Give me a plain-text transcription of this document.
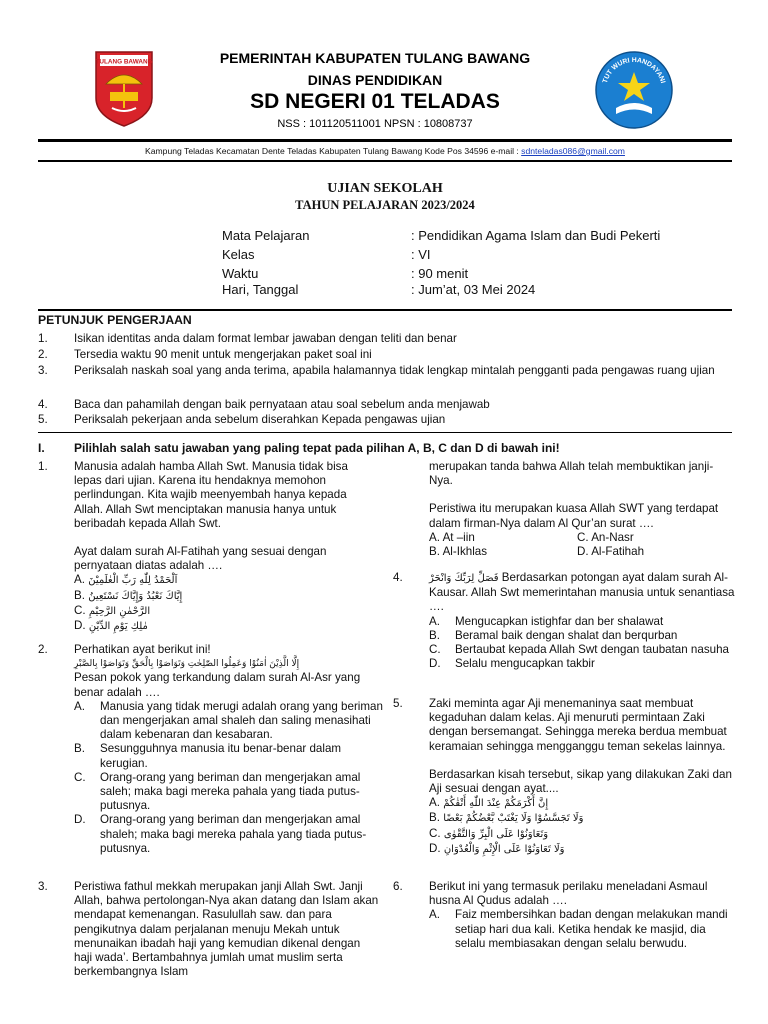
TULANG BAWANG
TUT WURI HANDAYANI
PEMERINTAH KABUPATEN TULANG BAWANG
DINAS PENDIDIKAN
SD NEGERI 01 TELADAS
NSS : 101120511001 NPSN : 10808737
Kampung Teladas Kecamatan Dente Teladas Kabupaten Tulang Bawang Kode Pos 34596 e-mail : sdnteladas086@gmail.com
UJIAN SEKOLAH
TAHUN PELAJARAN 2023/2024
Mata Pelajaran	: Pendidikan Agama Islam dan Budi Pekerti
Kelas	: VI
Waktu	: 90 menit
Hari, Tanggal	: Jum’at, 03 Mei 2024
PETUNJUK PENGERJAAN
1. Isikan identitas anda dalam format lembar jawaban dengan teliti dan benar
2. Tersedia waktu 90 menit untuk mengerjakan paket soal ini
3. Periksalah naskah soal yang anda terima, apabila halamannya tidak lengkap mintalah pengganti pada pengawas ruang ujian
4. Baca dan pahamilah dengan baik pernyataan atau soal sebelum anda menjawab
5. Periksalah pekerjaan anda sebelum diserahkan Kepada pengawas ujian
I. Pilihlah salah satu jawaban yang paling tepat pada pilihan A, B, C dan D di bawah ini!
1. Manusia adalah hamba Allah Swt. Manusia tidak bisa lepas dari ujian. Karena itu hendaknya memohon perlindungan. Kita wajib meenyembah hanya kepada Allah. Allah Swt menciptakan manusia hanya untuk beribadah kepada Allah Swt.

Ayat dalam surah Al-Fatihah yang sesuai dengan pernyataan diatas adalah ….

A. اَلْحَمْدُ لِلّٰهِ رَبِّ الْعٰلَمِيْنَ
B. إِيَّاكَ نَعْبُدُ وَإِيَّاكَ نَسْتَعِينُ
C. الرَّحْمٰنِ الرَّحِيْمِ
D. مٰلِكِ يَوْمِ الدِّيْنِ
2. Perhatikan ayat berikut ini!

إِلَّا الَّذِيْنَ اٰمَنُوْا وَعَمِلُوا الصّٰلِحٰتِ وَتَوَاصَوْا بِالْحَقِّ وَتَوَاصَوْا بِالصَّبْرِ

Pesan pokok yang terkandung dalam surah Al-Asr yang benar adalah ….

A. Manusia yang tidak merugi adalah orang yang beriman dan mengerjakan amal shaleh dan saling menasihati dalam kebenaran dan kesabaran.
B. Sesungguhnya manusia itu benar-benar dalam kerugian.
C. Orang-orang yang beriman dan mengerjakan amal saleh; maka bagi mereka pahala yang tiada putus-putusnya.
D. Orang-orang yang beriman dan mengerjakan amal shaleh; maka bagi mereka pahala yang tiada putus-putusnya.
3. Peristiwa fathul mekkah merupakan janji Allah Swt. Janji Allah, bahwa pertolongan-Nya akan datang dan Islam akan mendapat kemenangan. Rasulullah saw. dan para pengikutnya dalam perjalanan menuju Mekah untuk menunaikan ibadah haji yang kemudian dikenal dengan haji wada’. Bertambahnya jumlah umat muslim serta berkembangnya Islam

merupakan tanda bahwa Allah telah membuktikan janji-Nya.

Peristiwa itu merupakan kuasa Allah SWT yang terdapat dalam firman-Nya dalam Al Qur’an surat ….

A. At –iin	C. An-Nasr
B. Al-Ikhlas	D. Al-Fatihah
4.	فَصَلِّ لِرَبِّكَ وَانْحَرْ Berdasarkan potongan ayat dalam surah Al-Kausar. Allah Swt memerintahan manusia untuk senantiasa ….

A. Mengucapkan istighfar dan ber shalawat
B. Beramal baik dengan shalat dan berqurban
C. Bertaubat kepada Allah Swt dengan taubatan nasuha
D. Selalu mengucapkan takbir
5. Zaki meminta agar Aji menemaninya saat membuat kegaduhan dalam kelas. Aji menuruti permintaan Zaki dengan bersemangat. Sehingga mereka berdua membuat keramaian sehingga mengganggu teman sekelas lainnya.

Berdasarkan kisah tersebut, sikap yang dilakukan Zaki dan Aji sesuai dengan ayat....

A. إِنَّ أَكْرَمَكُمْ عِنْدَ اللّٰهِ أَتْقٰكُمْ
B. وَلَا تَجَسَّسُوْا وَلَا يَغْتَبْ بَّعْضُكُمْ بَعْضًا
C. وَتَعَاوَنُوْا عَلَى الْبِرِّ وَالتَّقْوٰى
D. وَلَا تَعَاوَنُوْا عَلَى الْإِثْمِ وَالْعُدْوَانِ
6. Berikut ini yang termasuk perilaku meneladani Asmaul husna Al Qudus adalah ….

A. Faiz membersihkan badan dengan melakukan mandi setiap hari dua kali. Ketika hendak ke masjid, dia selalu membiasakan dengan selalu berwudu.
